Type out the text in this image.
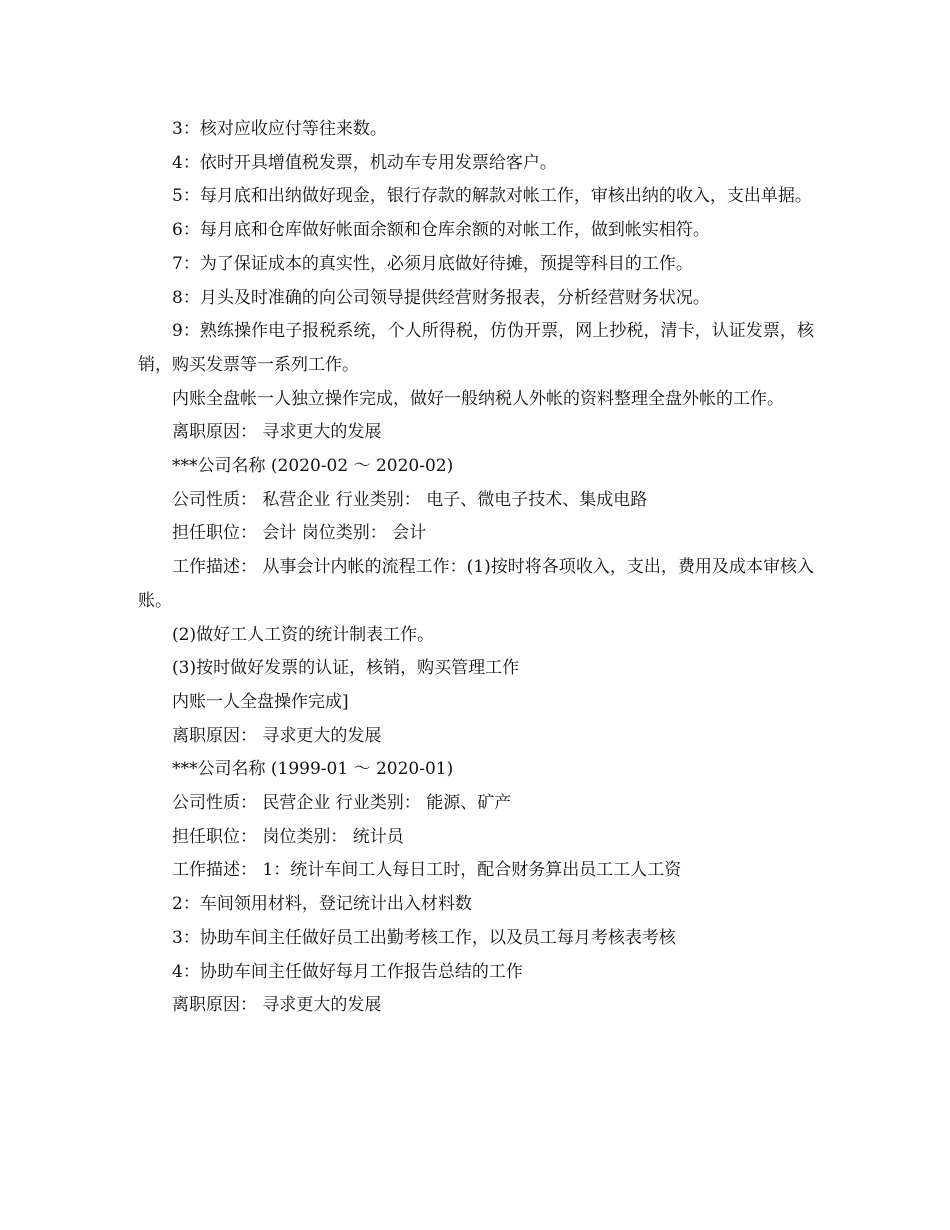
3：核对应收应付等往来数。

4：依时开具增值税发票，机动车专用发票给客户。

5：每月底和出纳做好现金，银行存款的解款对帐工作，审核出纳的收入，支出单据。

6：每月底和仓库做好帐面余额和仓库余额的对帐工作，做到帐实相符。

7：为了保证成本的真实性，必须月底做好待摊，预提等科目的工作。

8：月头及时准确的向公司领导提供经营财务报表，分析经营财务状况。

9：熟练操作电子报税系统，个人所得税，仿伪开票，网上抄税，清卡，认证发票，核销，购买发票等一系列工作。

内账全盘帐一人独立操作完成，做好一般纳税人外帐的资料整理全盘外帐的工作。

离职原因： 寻求更大的发展

***公司名称 (2020-02 ～ 2020-02)

公司性质： 私营企业 行业类别： 电子、微电子技术、集成电路

担任职位： 会计 岗位类别： 会计

工作描述： 从事会计内帐的流程工作：(1)按时将各项收入，支出，费用及成本审核入账。

(2)做好工人工资的统计制表工作。

(3)按时做好发票的认证，核销，购买管理工作

内账一人全盘操作完成]

离职原因： 寻求更大的发展

***公司名称 (1999-01 ～ 2020-01)

公司性质： 民营企业 行业类别： 能源、矿产

担任职位： 岗位类别： 统计员

工作描述： 1：统计车间工人每日工时，配合财务算出员工工人工资

2：车间领用材料，登记统计出入材料数

3：协助车间主任做好员工出勤考核工作，以及员工每月考核表考核

4：协助车间主任做好每月工作报告总结的工作

离职原因： 寻求更大的发展
